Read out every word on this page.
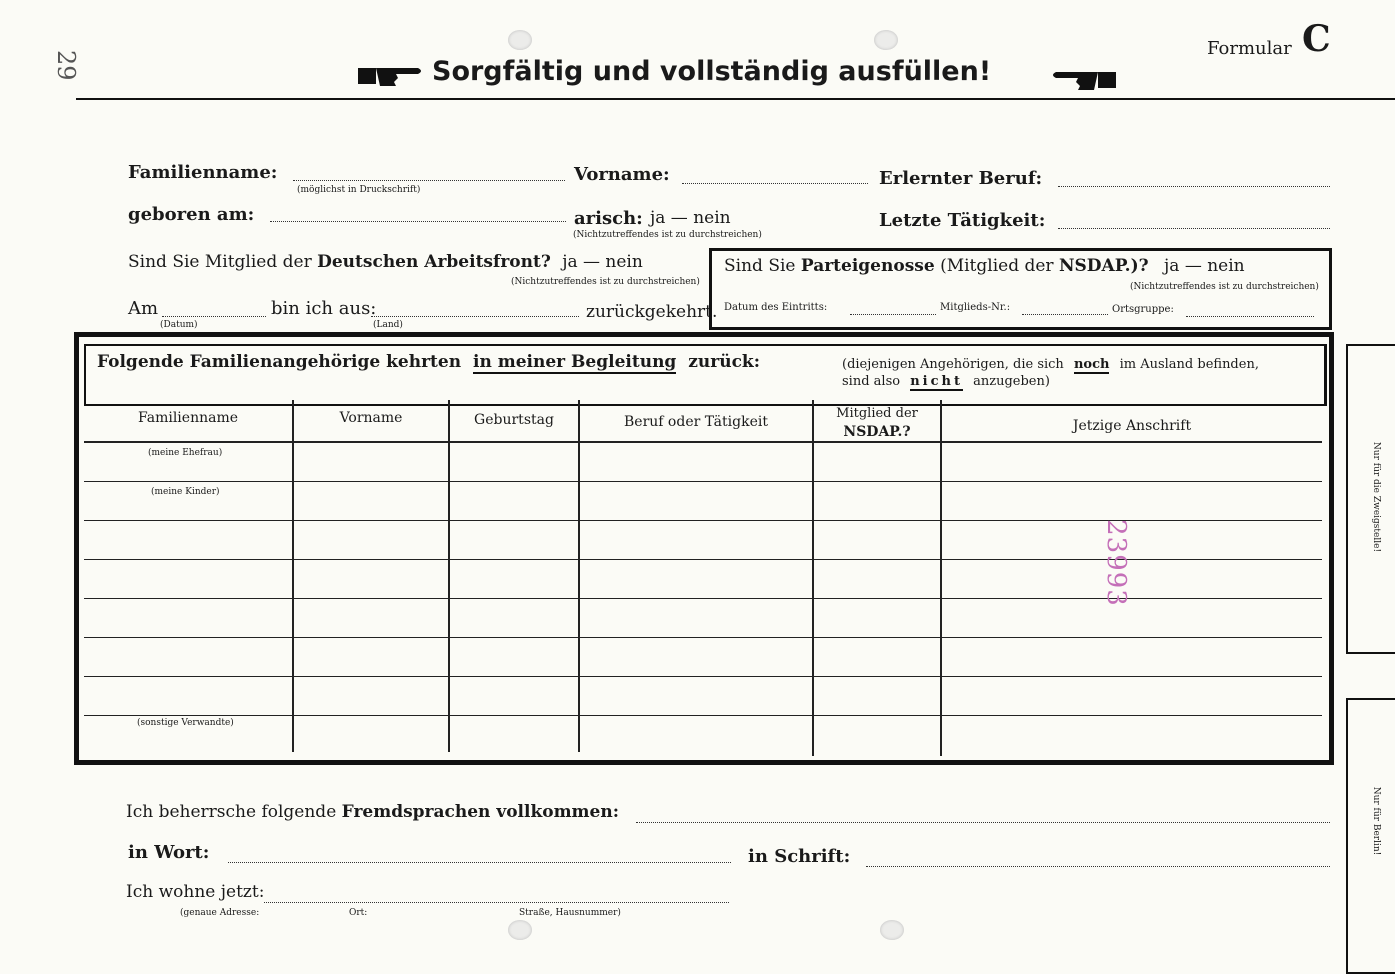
29
Formular C
Sorgfältig und vollständig ausfüllen!
Familienname:
(möglichst in Druckschrift)
Vorname:	Erlernter Beruf:
geboren am:	arisch: ja — nein
(Nichtzutreffendes ist zu durchstreichen)
Letzte Tätigkeit:
Sind Sie Mitglied der Deutschen Arbeitsfront? ja — nein
(Nichtzutreffendes ist zu durchstreichen)
Am
(Datum)
bin ich aus:
(Land)
zurückgekehrt.
Sind Sie Parteigenosse (Mitglied der NSDAP.)? ja — nein
(Nichtzutreffendes ist zu durchstreichen)
Datum des Eintritts:	Mitglieds-Nr.:	Ortsgruppe:
Folgende Familienangehörige kehrten in meiner Begleitung zurück:	(diejenigen Angehörigen, die sich noch im Ausland befinden,
sind also nicht anzugeben)
Familienname	Vorname	Geburtstag	Beruf oder Tätigkeit
Mitglied der
NSDAP.?	Jetzige Anschrift
(meine Ehefrau)
(meine Kinder)
(sonstige Verwandte)
23993
Nur für die Zweigstelle!
Nur für Berlin!
Ich beherrsche folgende Fremdsprachen vollkommen:
in Wort:	in Schrift:
Ich wohne jetzt:
(genaue Adresse:	Ort:	Straße, Hausnummer)
